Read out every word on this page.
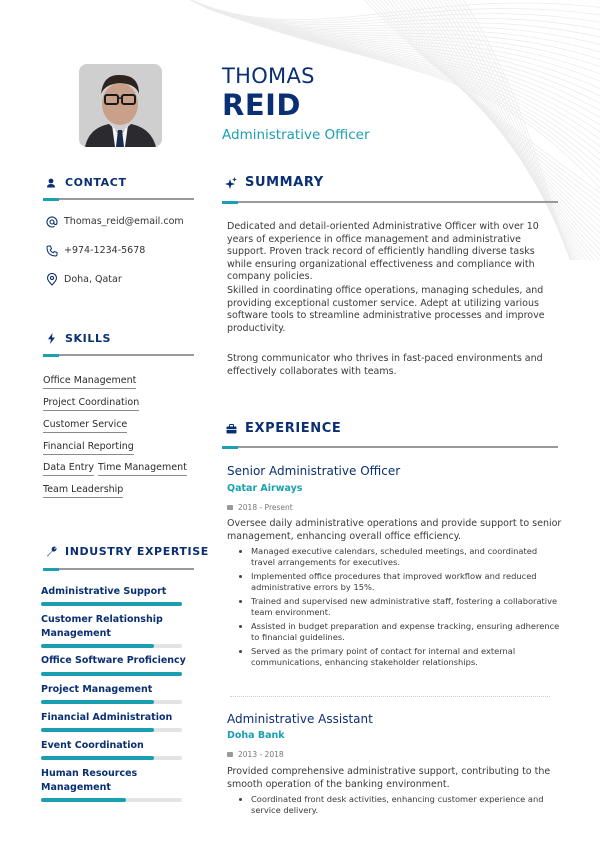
THOMAS
REID
Administrative Officer
CONTACT
Thomas_reid@email.com
+974-1234-5678
Doha, Qatar
SKILLS
Office Management
Project Coordination
Customer Service
Financial Reporting
Data Entry Time Management
Team Leadership
INDUSTRY EXPERTISE
Administrative Support
Customer Relationship Management
Office Software Proficiency
Project Management
Financial Administration
Event Coordination
Human Resources Management
SUMMARY

Dedicated and detail-oriented Administrative Officer with over 10 years of experience in office management and administrative support. Proven track record of efficiently handling diverse tasks while ensuring organizational effectiveness and compliance with company policies.

Skilled in coordinating office operations, managing schedules, and providing exceptional customer service. Adept at utilizing various software tools to streamline administrative processes and improve productivity.

Strong communicator who thrives in fast-paced environments and effectively collaborates with teams.

EXPERIENCE
Senior Administrative Officer
Qatar Airways
2018 - Present

Oversee daily administrative operations and provide support to senior management, enhancing overall office efficiency.

Managed executive calendars, scheduled meetings, and coordinated travel arrangements for executives.
Implemented office procedures that improved workflow and reduced administrative errors by 15%.
Trained and supervised new administrative staff, fostering a collaborative team environment.
Assisted in budget preparation and expense tracking, ensuring adherence to financial guidelines.
Served as the primary point of contact for internal and external communications, enhancing stakeholder relationships.
Administrative Assistant
Doha Bank
2013 - 2018

Provided comprehensive administrative support, contributing to the smooth operation of the banking environment.

Coordinated front desk activities, enhancing customer experience and service delivery.
